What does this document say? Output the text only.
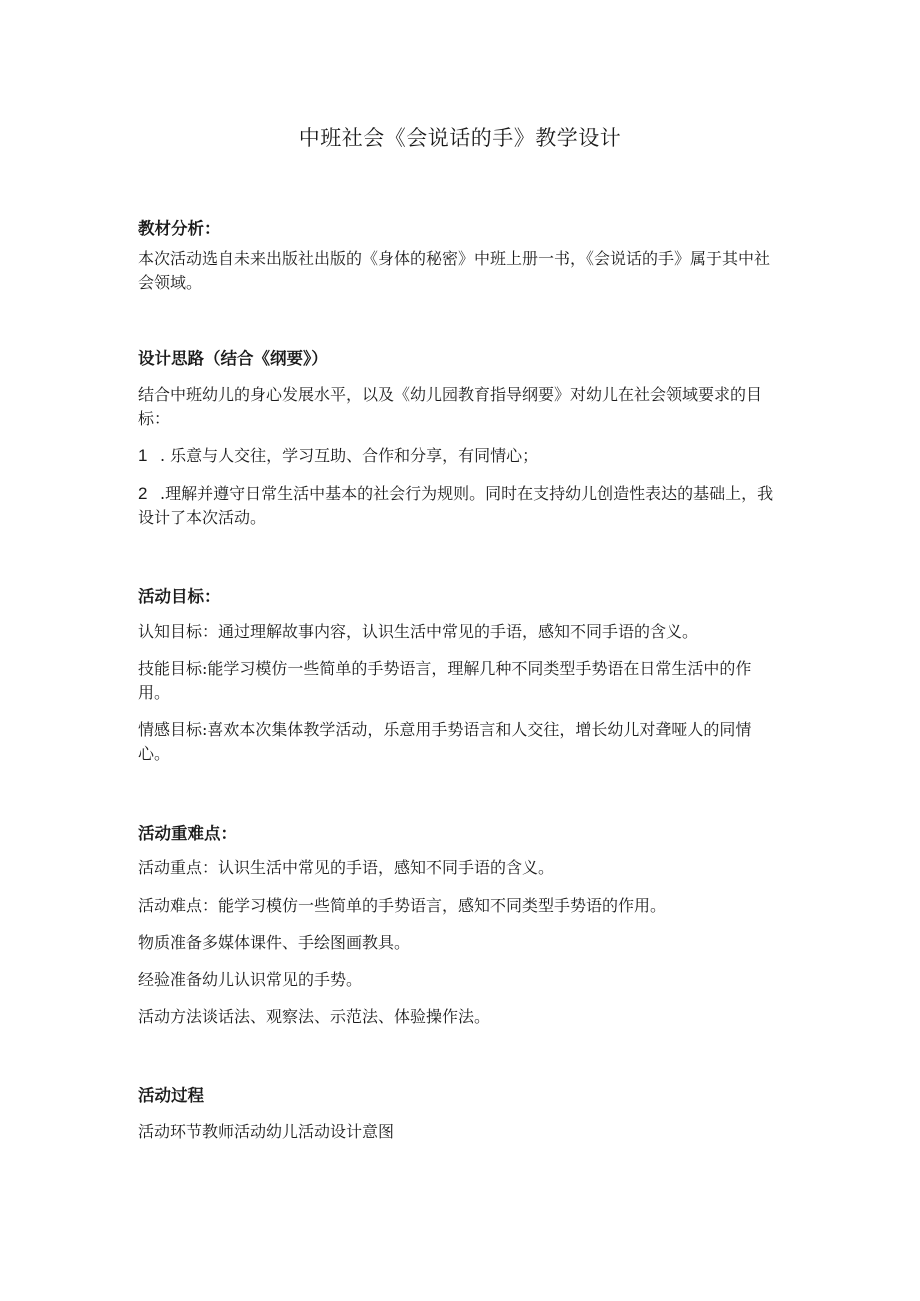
中班社会《会说话的手》教学设计
教材分析：
本次活动选自未来出版社出版的《身体的秘密》中班上册一书，《会说话的手》属于其中社会领域。
设计思路（结合《纲要》）
结合中班幼儿的身心发展水平，以及《幼儿园教育指导纲要》对幼儿在社会领域要求的目标：
1 . 乐意与人交往，学习互助、合作和分享，有同情心；
2 .理解并遵守日常生活中基本的社会行为规则。同时在支持幼儿创造性表达的基础上，我设计了本次活动。
活动目标：
认知目标：通过理解故事内容，认识生活中常见的手语，感知不同手语的含义。
技能目标:能学习模仿一些简单的手势语言，理解几种不同类型手势语在日常生活中的作用。
情感目标:喜欢本次集体教学活动，乐意用手势语言和人交往，增长幼儿对聋哑人的同情心。
活动重难点：
活动重点：认识生活中常见的手语，感知不同手语的含义。
活动难点：能学习模仿一些简单的手势语言，感知不同类型手势语的作用。
物质准备多媒体课件、手绘图画教具。
经验准备幼儿认识常见的手势。
活动方法谈话法、观察法、示范法、体验操作法。
活动过程
活动环节教师活动幼儿活动设计意图
